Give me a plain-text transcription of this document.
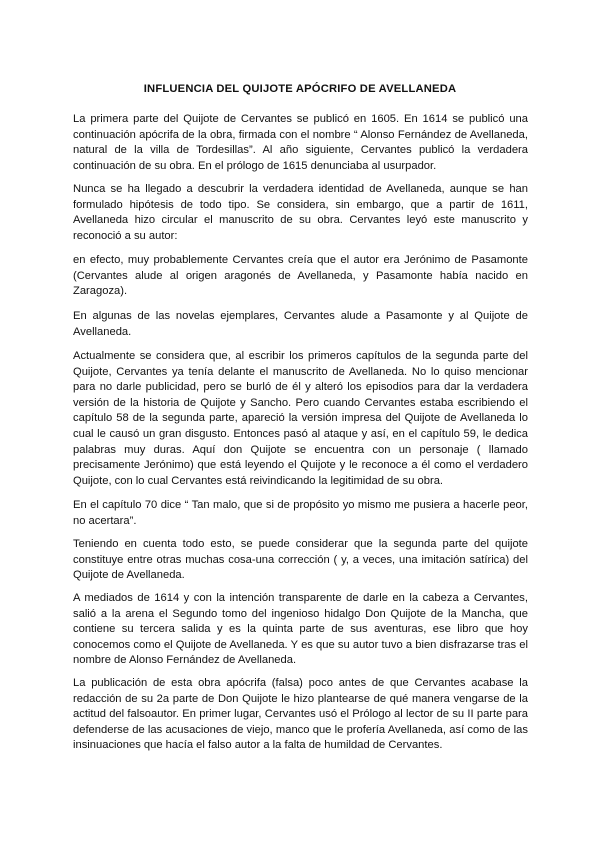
INFLUENCIA DEL QUIJOTE APÓCRIFO DE AVELLANEDA

La primera parte del Quijote de Cervantes se publicó en 1605. En 1614 se publicó una continuación apócrifa de la obra, firmada con el nombre “ Alonso Fernández de Avellaneda, natural de la villa de Tordesillas”. Al año siguiente, Cervantes publicó la verdadera continuación de su obra. En el prólogo de 1615 denunciaba al usurpador.

Nunca se ha llegado a descubrir la verdadera identidad de Avellaneda, aunque se han formulado hipótesis de todo tipo. Se considera, sin embargo, que a partir de 1611, Avellaneda hizo circular el manuscrito de su obra. Cervantes leyó este manuscrito y reconoció a su autor:

en efecto, muy probablemente Cervantes creía que el autor era Jerónimo de Pasamonte (Cervantes alude al origen aragonés de Avellaneda, y Pasamonte había nacido en Zaragoza).

En algunas de las novelas ejemplares, Cervantes alude a Pasamonte y al Quijote de Avellaneda.

Actualmente se considera que, al escribir los primeros capítulos de la segunda parte del Quijote, Cervantes ya tenía delante el manuscrito de Avellaneda. No lo quiso mencionar para no darle publicidad, pero se burló de él y alteró los episodios para dar la verdadera versión de la historia de Quijote y Sancho. Pero cuando Cervantes estaba escribiendo el capítulo 58 de la segunda parte, apareció la versión impresa del Quijote de Avellaneda lo cual le causó un gran disgusto. Entonces pasó al ataque y así, en el capítulo 59, le dedica palabras muy duras. Aquí don Quijote se encuentra con un personaje ( llamado precisamente Jerónimo) que está leyendo el Quijote y le reconoce a él como el verdadero Quijote, con lo cual Cervantes está reivindicando la legitimidad de su obra.

En el capítulo 70 dice “ Tan malo, que si de propósito yo mismo me pusiera a hacerle peor, no acertara”.

Teniendo en cuenta todo esto, se puede considerar que la segunda parte del quijote constituye entre otras muchas cosa-una corrección ( y, a veces, una imitación satírica) del Quijote de Avellaneda.

A mediados de 1614 y con la intención transparente de darle en la cabeza a Cervantes, salió a la arena el Segundo tomo del ingenioso hidalgo Don Quijote de la Mancha, que contiene su tercera salida y es la quinta parte de sus aventuras, ese libro que hoy conocemos como el Quijote de Avellaneda. Y es que su autor tuvo a bien disfrazarse tras el nombre de Alonso Fernández de Avellaneda.

La publicación de esta obra apócrifa (falsa) poco antes de que Cervantes acabase la redacción de su 2a parte de Don Quijote le hizo plantearse de qué manera vengarse de la actitud del falsoautor. En primer lugar, Cervantes usó el Prólogo al lector de su II parte para defenderse de las acusaciones de viejo, manco que le profería Avellaneda, así como de las insinuaciones que hacía el falso autor a la falta de humildad de Cervantes.
